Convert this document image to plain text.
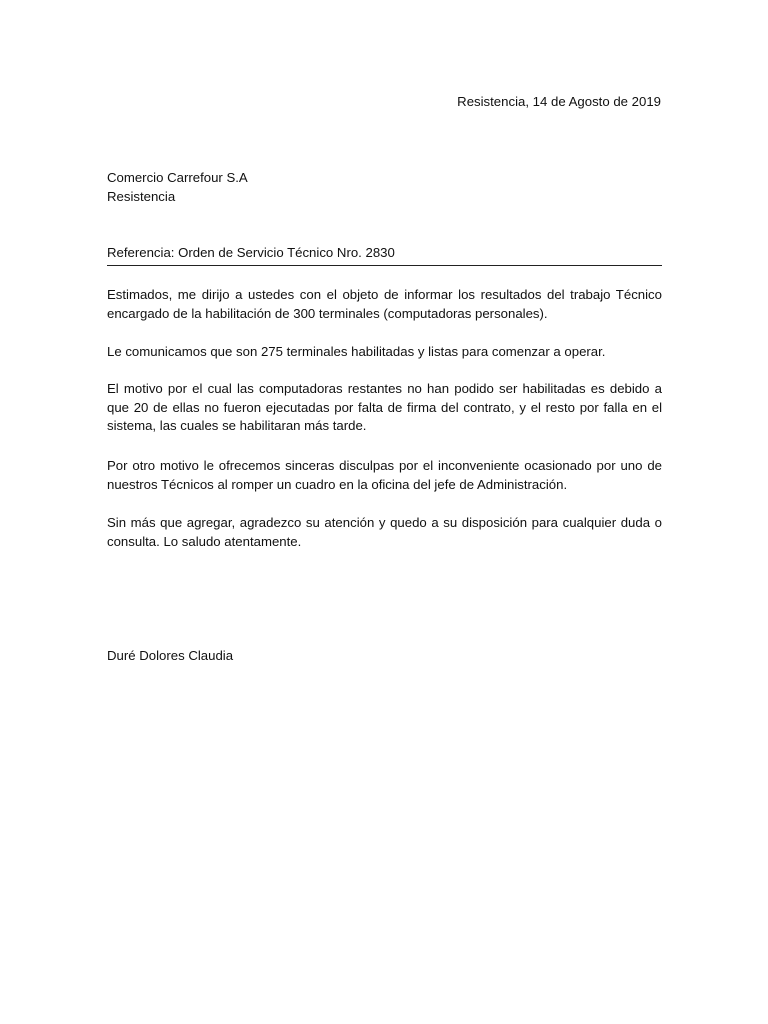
Resistencia, 14 de Agosto de 2019
Comercio Carrefour S.A
Resistencia
Referencia: Orden de Servicio Técnico Nro. 2830
Estimados, me dirijo a ustedes con el objeto de informar los resultados del trabajo Técnico encargado de la habilitación de 300 terminales (computadoras personales).
Le comunicamos que son 275 terminales habilitadas y listas para comenzar a operar.
El motivo por el cual las computadoras restantes no han podido ser habilitadas es debido a que 20 de ellas no fueron ejecutadas por falta de firma del contrato, y el resto por falla en el sistema, las cuales se habilitaran más tarde.
Por otro motivo le ofrecemos sinceras disculpas por el inconveniente ocasionado por uno de nuestros Técnicos al romper un cuadro en la oficina del jefe de Administración.
Sin más que agregar, agradezco su atención y quedo a su disposición para cualquier duda o consulta. Lo saludo atentamente.
Duré Dolores Claudia
